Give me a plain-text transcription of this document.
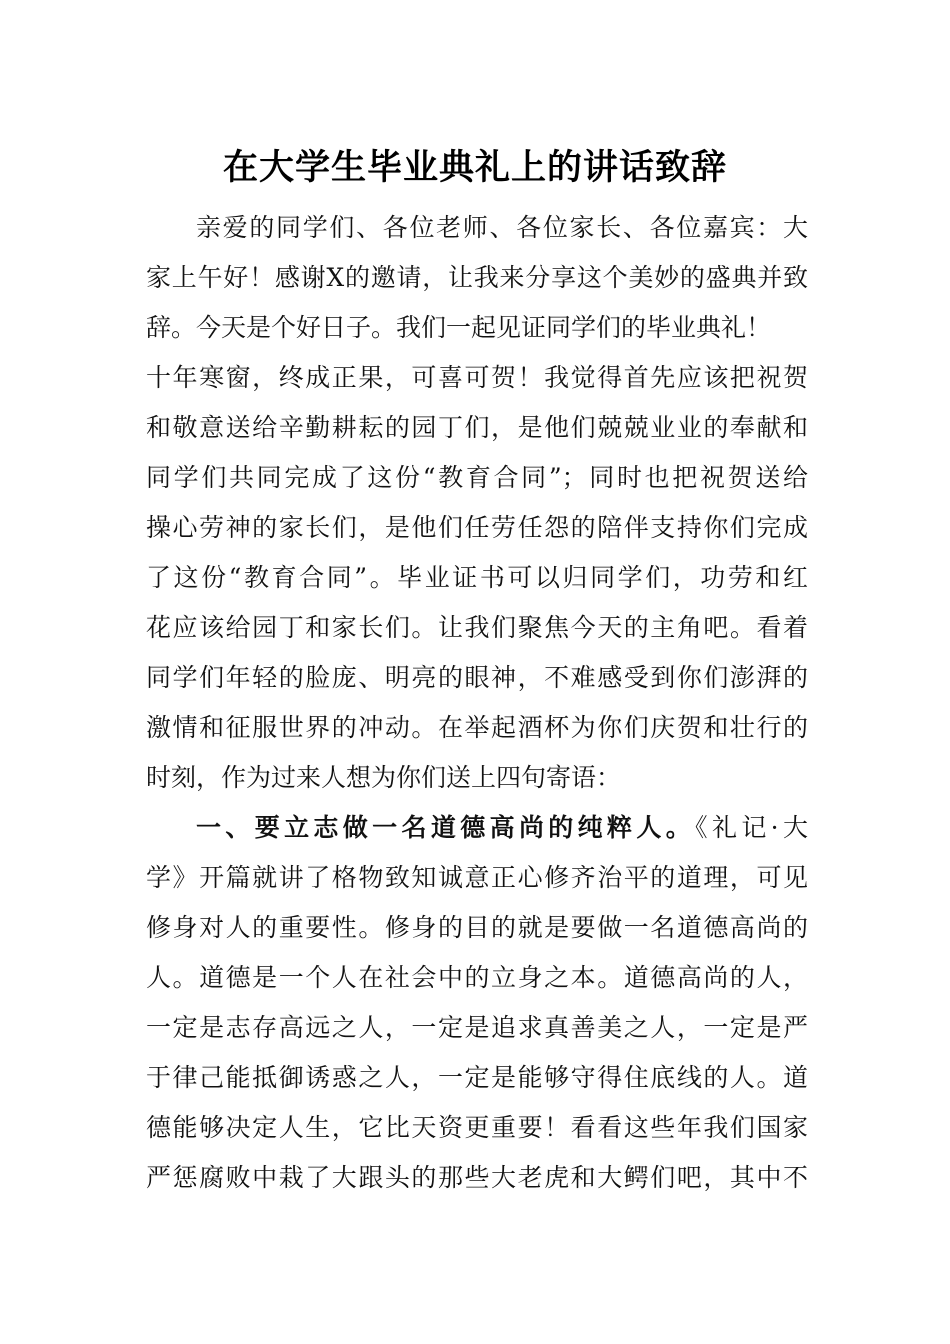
在大学生毕业典礼上的讲话致辞
亲爱的同学们、各位老师、各位家长、各位嘉宾：大
家上午好！感谢X的邀请，让我来分享这个美妙的盛典并致
辞。今天是个好日子。我们一起见证同学们的毕业典礼！
十年寒窗，终成正果，可喜可贺！我觉得首先应该把祝贺
和敬意送给辛勤耕耘的园丁们，是他们兢兢业业的奉献和
同学们共同完成了这份“教育合同”；同时也把祝贺送给
操心劳神的家长们，是他们任劳任怨的陪伴支持你们完成
了这份“教育合同”。毕业证书可以归同学们，功劳和红
花应该给园丁和家长们。让我们聚焦今天的主角吧。看着
同学们年轻的脸庞、明亮的眼神，不难感受到你们澎湃的
激情和征服世界的冲动。在举起酒杯为你们庆贺和壮行的
时刻，作为过来人想为你们送上四句寄语：
一、要立志做一名道德高尚的纯粹人。《礼记·大
学》开篇就讲了格物致知诚意正心修齐治平的道理，可见
修身对人的重要性。修身的目的就是要做一名道德高尚的
人。道德是一个人在社会中的立身之本。道德高尚的人，
一定是志存高远之人，一定是追求真善美之人，一定是严
于律己能抵御诱惑之人，一定是能够守得住底线的人。道
德能够决定人生，它比天资更重要！看看这些年我们国家
严惩腐败中栽了大跟头的那些大老虎和大鳄们吧，其中不
